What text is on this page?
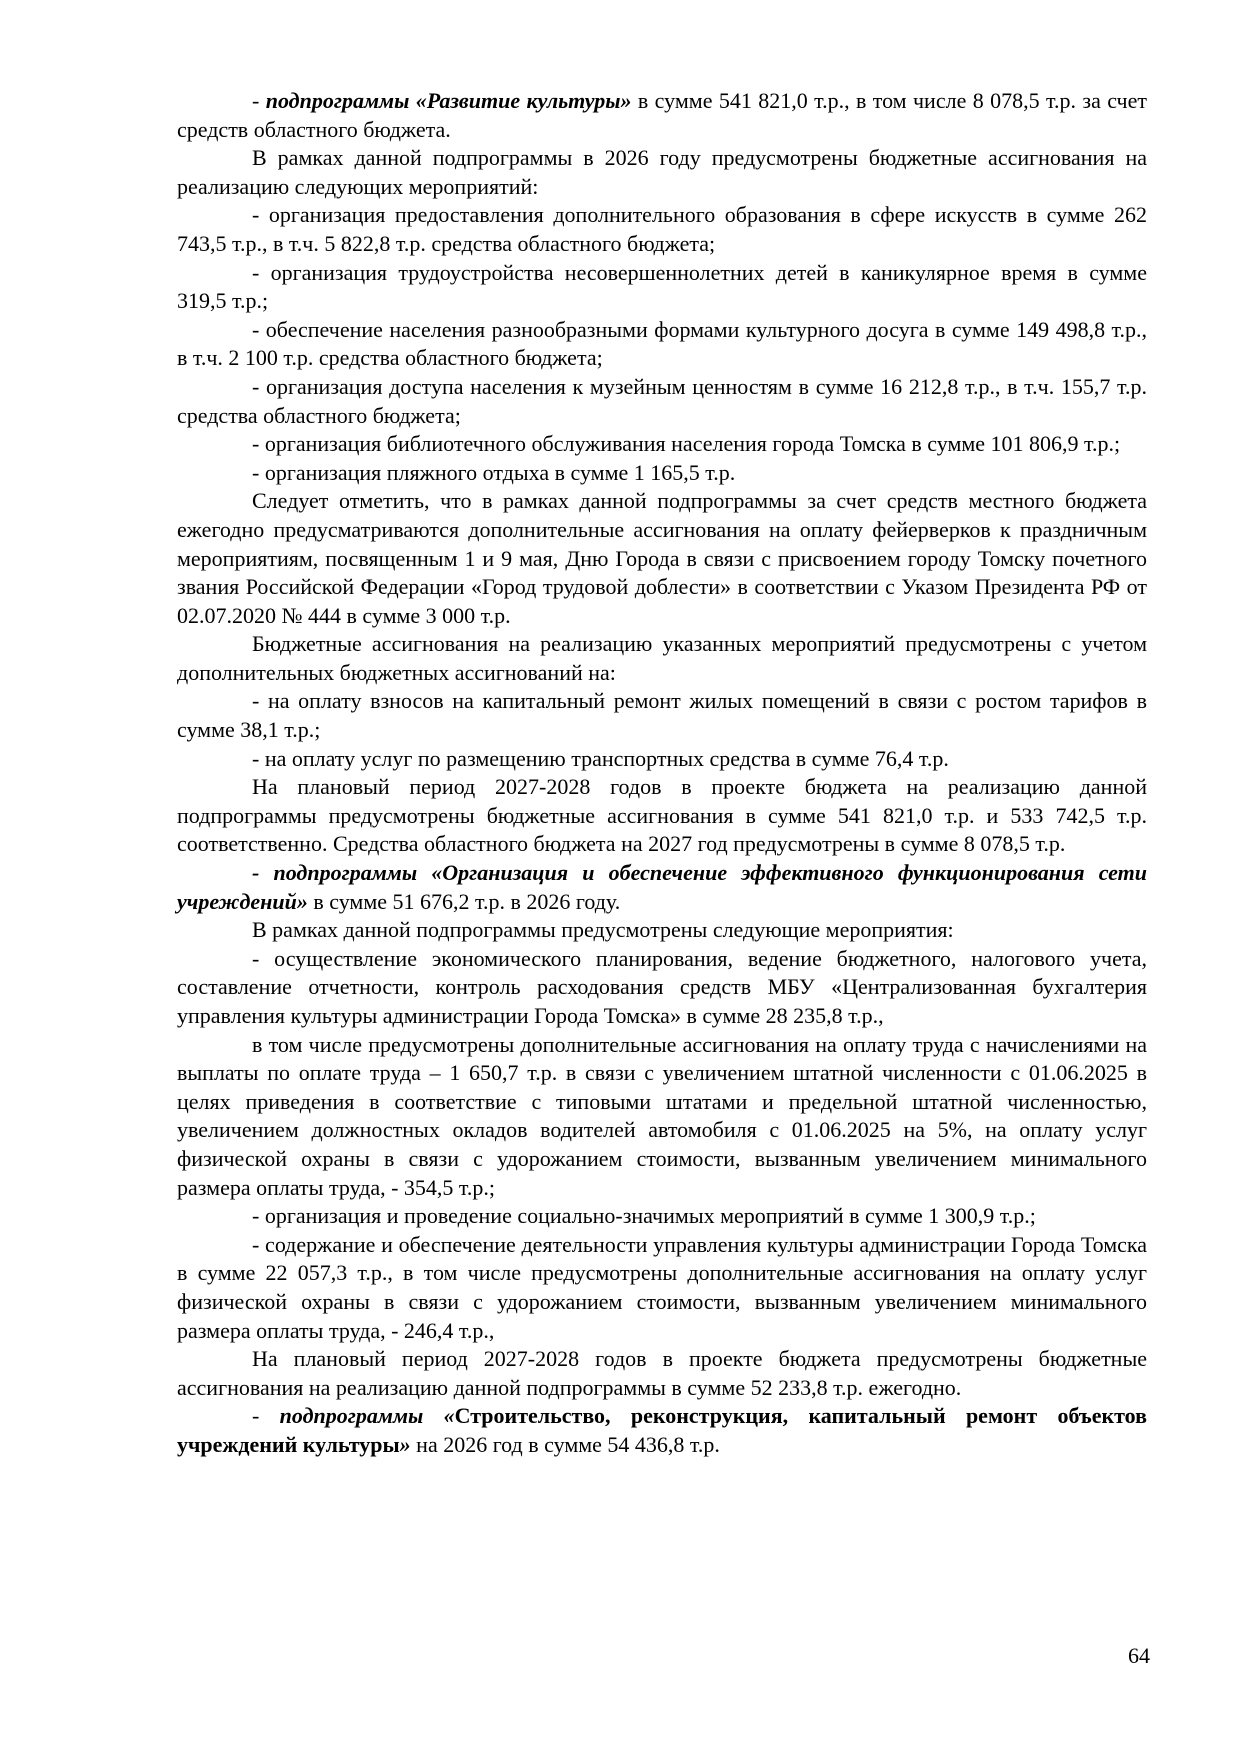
- подпрограммы «Развитие культуры» в сумме 541 821,0 т.р., в том числе 8 078,5 т.р. за счет средств областного бюджета.

В рамках данной подпрограммы в 2026 году предусмотрены бюджетные ассигнования на реализацию следующих мероприятий:

- организация предоставления дополнительного образования в сфере искусств в сумме 262 743,5 т.р., в т.ч. 5 822,8 т.р. средства областного бюджета;

- организация трудоустройства несовершеннолетних детей в каникулярное время в сумме 319,5 т.р.;

- обеспечение населения разнообразными формами культурного досуга в сумме 149 498,8 т.р., в т.ч. 2 100 т.р. средства областного бюджета;

- организация доступа населения к музейным ценностям в сумме 16 212,8 т.р., в т.ч. 155,7 т.р. средства областного бюджета;

- организация библиотечного обслуживания населения города Томска в сумме 101 806,9 т.р.;

- организация пляжного отдыха в сумме 1 165,5 т.р.

Следует отметить, что в рамках данной подпрограммы за счет средств местного бюджета ежегодно предусматриваются дополнительные ассигнования на оплату фейерверков к праздничным мероприятиям, посвященным 1 и 9 мая, Дню Города в связи с присвоением городу Томску почетного звания Российской Федерации «Город трудовой доблести» в соответствии с Указом Президента РФ от 02.07.2020 № 444 в сумме 3 000 т.р.

Бюджетные ассигнования на реализацию указанных мероприятий предусмотрены с учетом дополнительных бюджетных ассигнований на:

- на оплату взносов на капитальный ремонт жилых помещений в связи с ростом тарифов в сумме 38,1 т.р.;

- на оплату услуг по размещению транспортных средства в сумме 76,4 т.р.

На плановый период 2027-2028 годов в проекте бюджета на реализацию данной подпрограммы предусмотрены бюджетные ассигнования в сумме 541 821,0 т.р. и 533 742,5 т.р. соответственно. Средства областного бюджета на 2027 год предусмотрены в сумме 8 078,5 т.р.

- подпрограммы «Организация и обеспечение эффективного функционирования сети учреждений» в сумме 51 676,2 т.р. в 2026 году.

В рамках данной подпрограммы предусмотрены следующие мероприятия:

- осуществление экономического планирования, ведение бюджетного, налогового учета, составление отчетности, контроль расходования средств МБУ «Централизованная бухгалтерия управления культуры администрации Города Томска» в сумме 28 235,8 т.р.,

в том числе предусмотрены дополнительные ассигнования на оплату труда с начислениями на выплаты по оплате труда – 1 650,7 т.р. в связи с увеличением штатной численности с 01.06.2025 в целях приведения в соответствие с типовыми штатами и предельной штатной численностью, увеличением должностных окладов водителей автомобиля с 01.06.2025 на 5%, на оплату услуг физической охраны в связи с удорожанием стоимости, вызванным увеличением минимального размера оплаты труда, - 354,5 т.р.;

- организация и проведение социально-значимых мероприятий в сумме 1 300,9 т.р.;

- содержание и обеспечение деятельности управления культуры администрации Города Томска в сумме 22 057,3 т.р., в том числе предусмотрены дополнительные ассигнования на оплату услуг физической охраны в связи с удорожанием стоимости, вызванным увеличением минимального размера оплаты труда, - 246,4 т.р.,

На плановый период 2027-2028 годов в проекте бюджета предусмотрены бюджетные ассигнования на реализацию данной подпрограммы в сумме 52 233,8 т.р. ежегодно.

- подпрограммы «Строительство, реконструкция, капитальный ремонт объектов учреждений культуры» на 2026 год в сумме 54 436,8 т.р.

64
